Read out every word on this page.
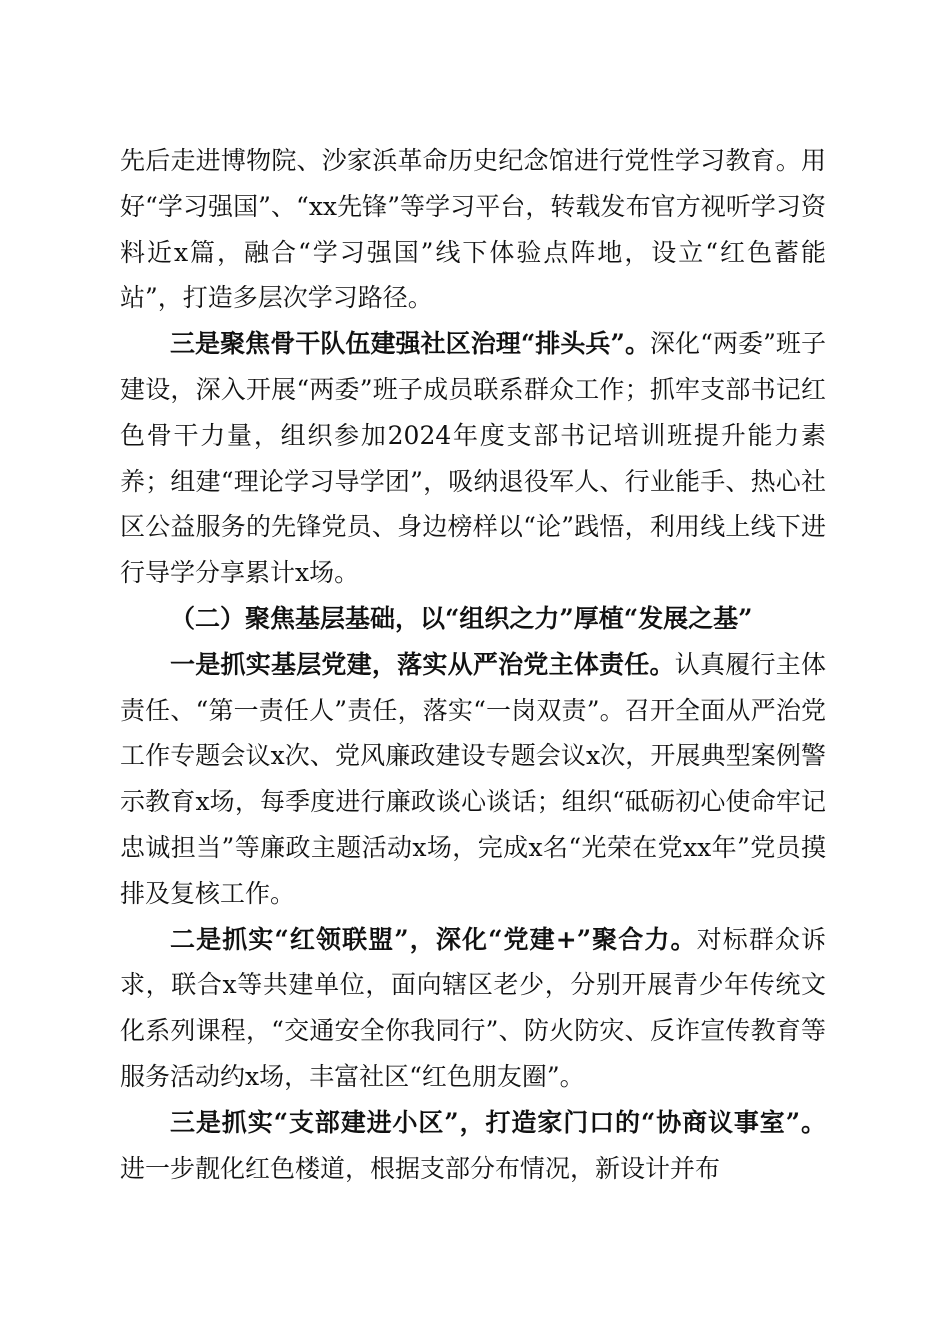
先后走进博物院、沙家浜革命历史纪念馆进行党性学习教育。用好“学习强国”、“xx先锋”等学习平台，转载发布官方视听学习资料近x篇，融合“学习强国”线下体验点阵地，设立“红色蓄能站”，打造多层次学习路径。

三是聚焦骨干队伍建强社区治理“排头兵”。深化“两委”班子建设，深入开展“两委”班子成员联系群众工作；抓牢支部书记红色骨干力量，组织参加2024年度支部书记培训班提升能力素养；组建“理论学习导学团”，吸纳退役军人、行业能手、热心社区公益服务的先锋党员、身边榜样以“论”践悟，利用线上线下进行导学分享累计x场。

（二）聚焦基层基础，以“组织之力”厚植“发展之基”

一是抓实基层党建，落实从严治党主体责任。认真履行主体责任、“第一责任人”责任，落实“一岗双责”。召开全面从严治党工作专题会议x次、党风廉政建设专题会议x次，开展典型案例警示教育x场，每季度进行廉政谈心谈话；组织“砥砺初心使命牢记忠诚担当”等廉政主题活动x场，完成x名“光荣在党xx年”党员摸排及复核工作。

二是抓实“红领联盟”，深化“党建+”聚合力。对标群众诉求，联合x等共建单位，面向辖区老少，分别开展青少年传统文化系列课程，“交通安全你我同行”、防火防灾、反诈宣传教育等服务活动约x场，丰富社区“红色朋友圈”。

三是抓实“支部建进小区”，打造家门口的“协商议事室”。进一步靓化红色楼道，根据支部分布情况，新设计并布
